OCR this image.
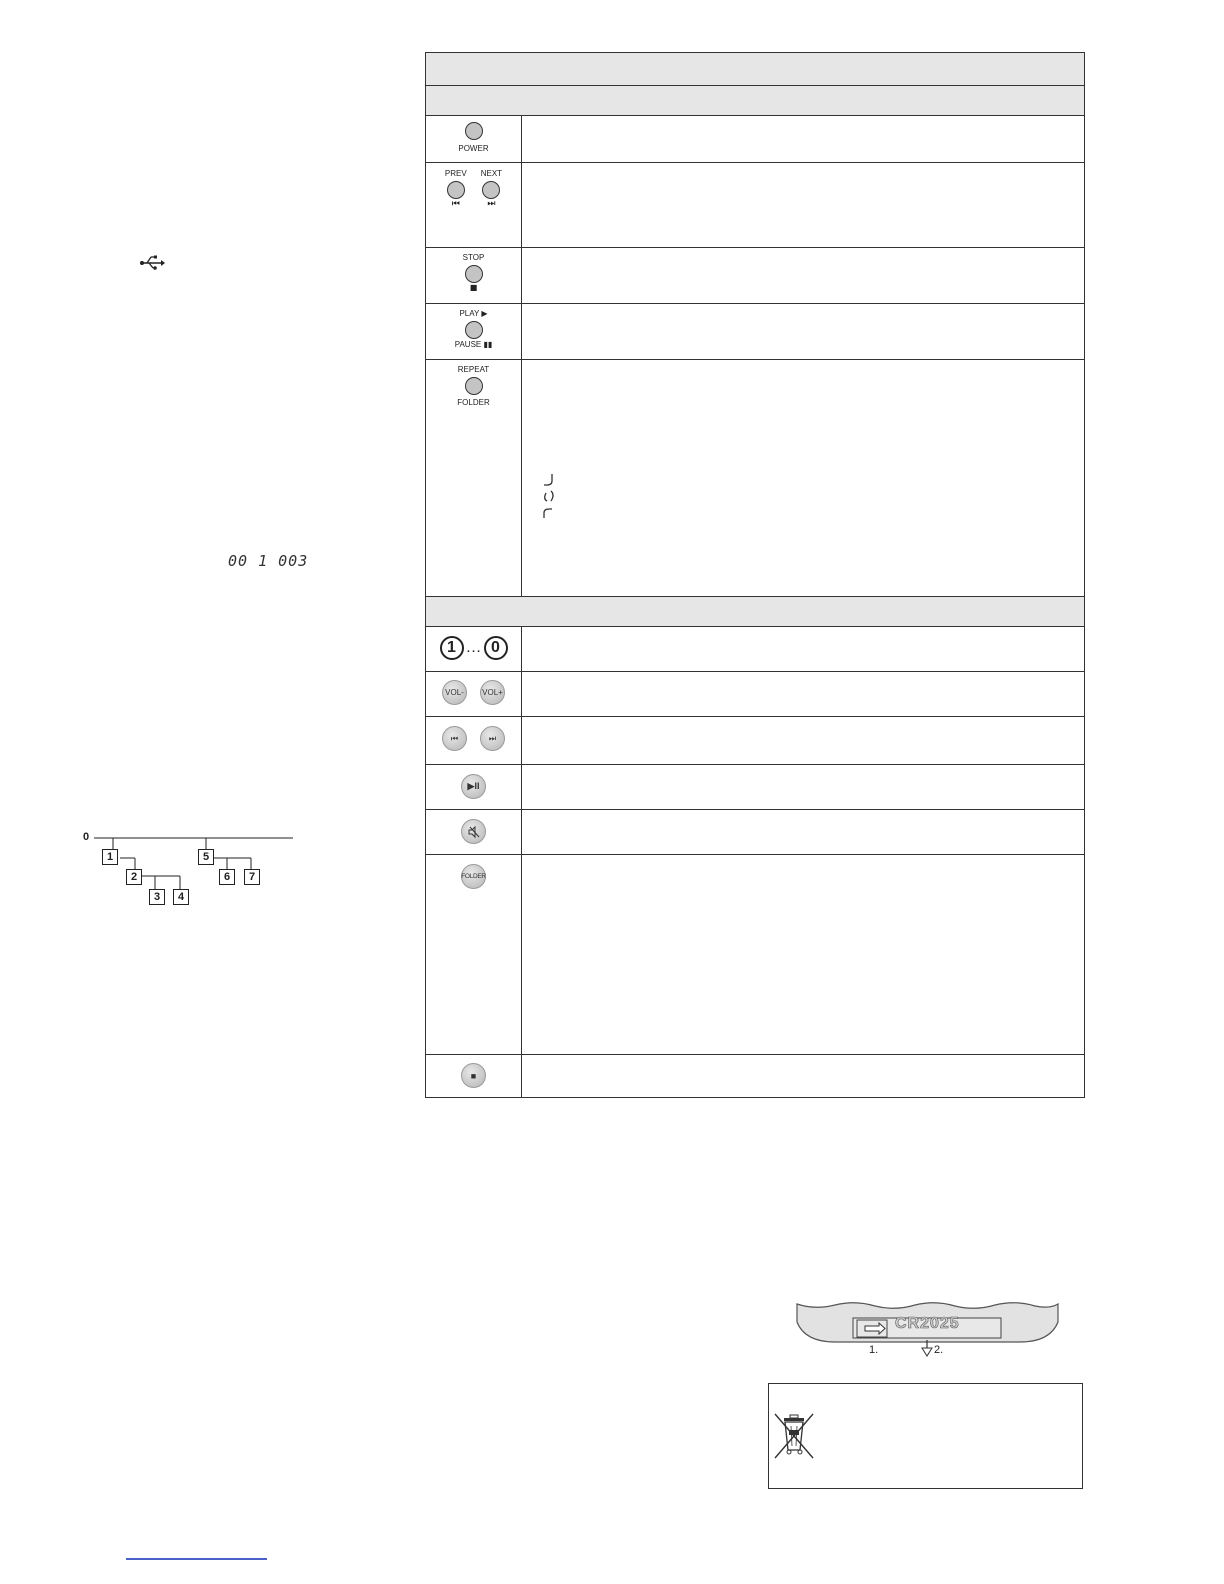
00 1 003
0
1
2
3	4
5
6	7

POWER	

PREV
⏮
NEXT
⏭	

STOP
■	

PLAY ▶
PAUSE ▮▮	

REPEAT
FOLDER

1 … 0	

VOL- VOL+	

⏮ ⏭	

▶II	

FOLDER	

■	

CR2025
1.	2.
